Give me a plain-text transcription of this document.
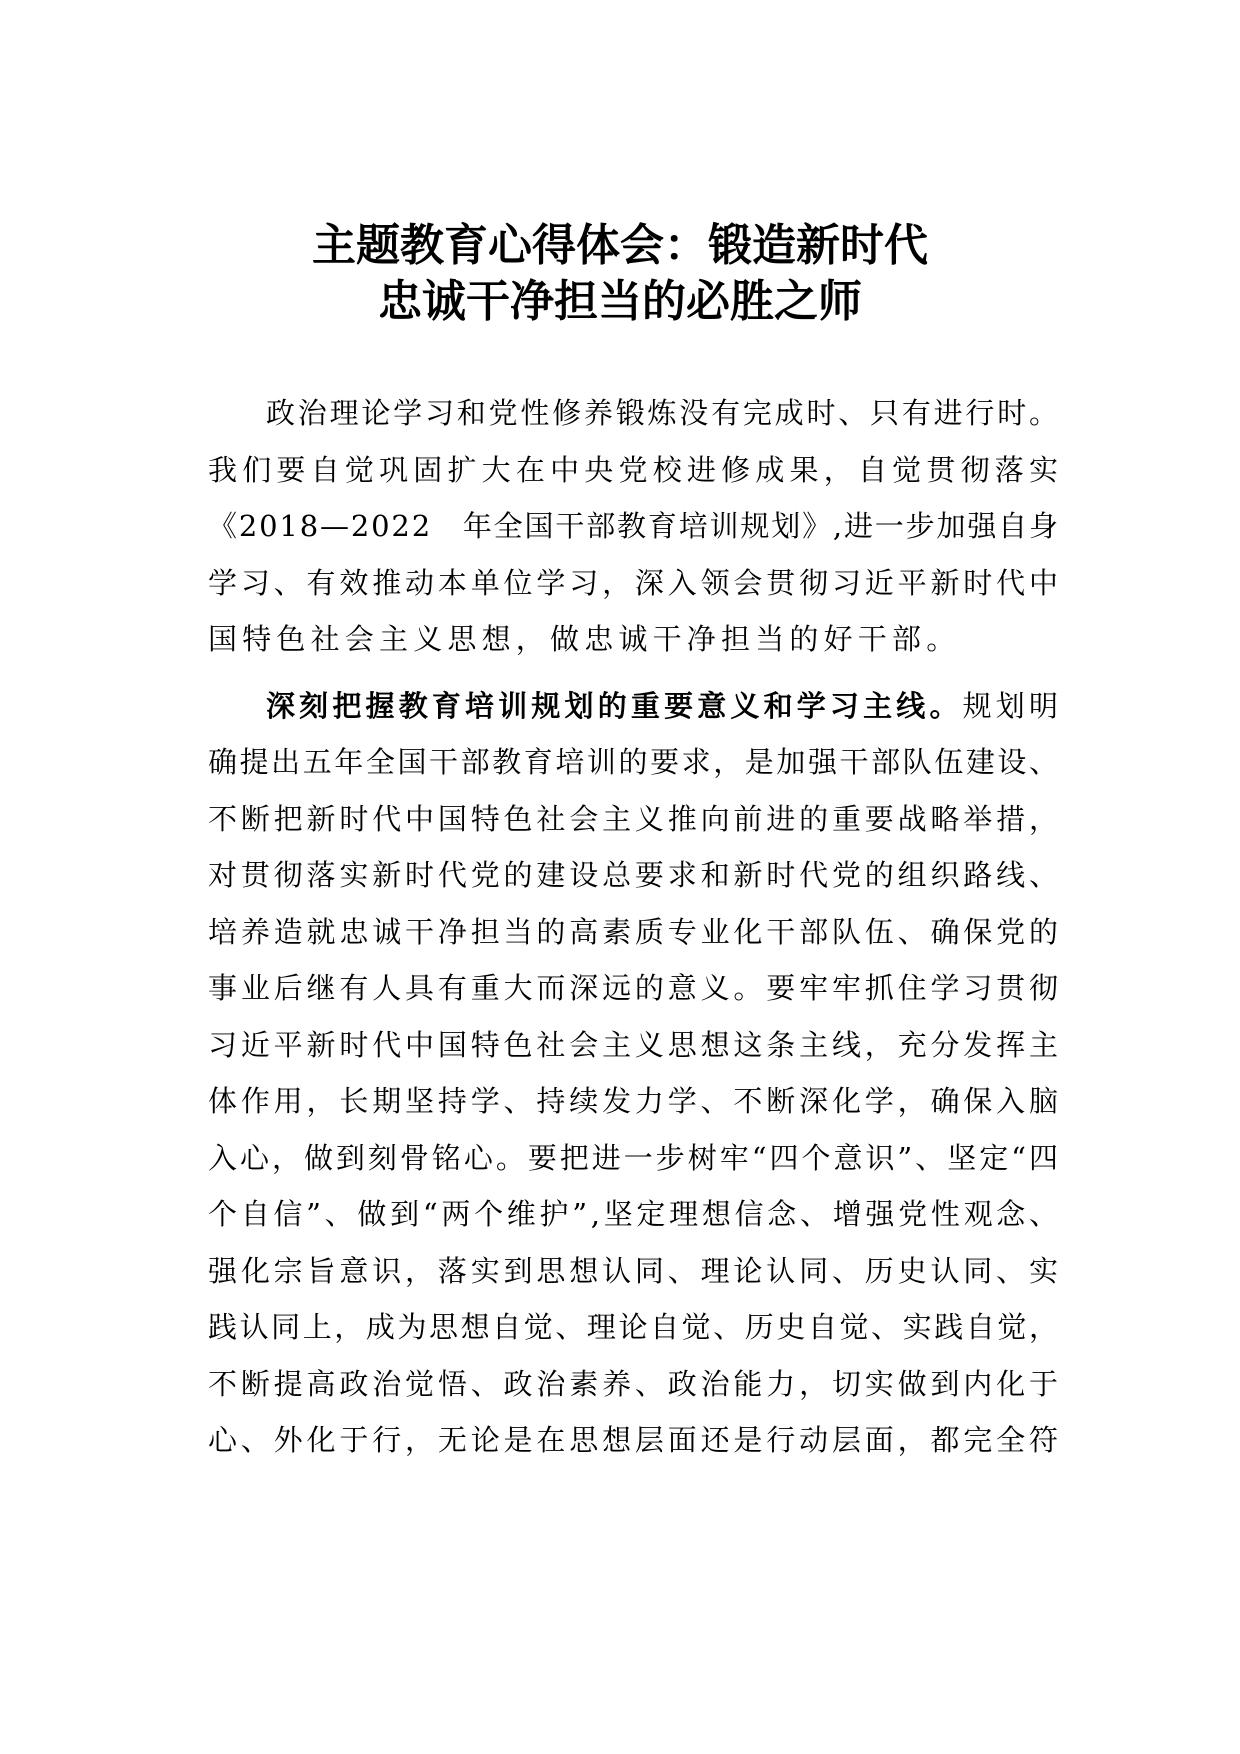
主题教育心得体会：锻造新时代
忠诚干净担当的必胜之师
政治理论学习和党性修养锻炼没有完成时、只有进行时。
我们要自觉巩固扩大在中央党校进修成果，自觉贯彻落实
《2018—2022　年全国干部教育培训规划》,进一步加强自身
学习、有效推动本单位学习，深入领会贯彻习近平新时代中
国特色社会主义思想，做忠诚干净担当的好干部。
深刻把握教育培训规划的重要意义和学习主线。规划明
确提出五年全国干部教育培训的要求，是加强干部队伍建设、
不断把新时代中国特色社会主义推向前进的重要战略举措，
对贯彻落实新时代党的建设总要求和新时代党的组织路线、
培养造就忠诚干净担当的高素质专业化干部队伍、确保党的
事业后继有人具有重大而深远的意义。要牢牢抓住学习贯彻
习近平新时代中国特色社会主义思想这条主线，充分发挥主
体作用，长期坚持学、持续发力学、不断深化学，确保入脑
入心，做到刻骨铭心。要把进一步树牢“四个意识”、坚定“四
个自信”、做到“两个维护”,坚定理想信念、增强党性观念、
强化宗旨意识，落实到思想认同、理论认同、历史认同、实
践认同上，成为思想自觉、理论自觉、历史自觉、实践自觉，
不断提高政治觉悟、政治素养、政治能力，切实做到内化于
心、外化于行，无论是在思想层面还是行动层面，都完全符
